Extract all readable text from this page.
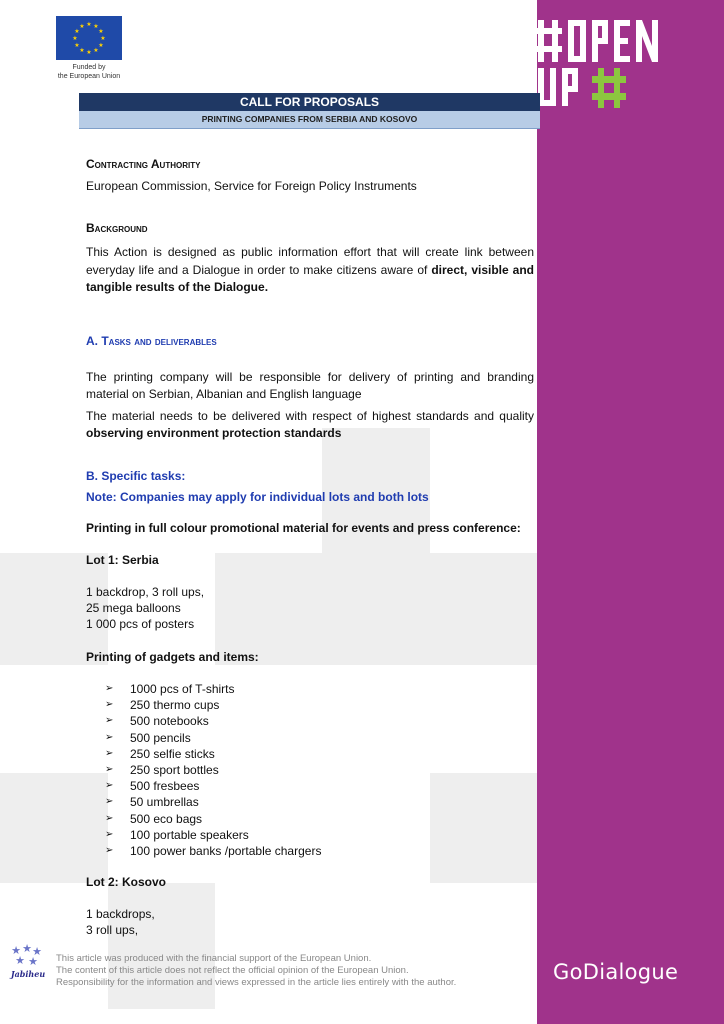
GoDialogue
★ ★
★
★
★
★
★
★
★
★
★
★
Funded by
the European Union
CALL FOR PROPOSALS
PRINTING COMPANIES FROM SERBIA AND KOSOVO
Contracting Authority
European Commission, Service for Foreign Policy Instruments
Background
This Action is designed as public information effort that will create link between everyday life and a Dialogue in order to make citizens aware of direct, visible and tangible results of the Dialogue.
A. Tasks and deliverables
The printing company will be responsible for delivery of printing and branding material on Serbian, Albanian and English language
The material needs to be delivered with respect of highest standards and quality observing environment protection standards
B. Specific tasks:
Note: Companies may apply for individual lots and both lots
Printing in full colour promotional material for events and press conference:
Lot 1: Serbia
1 backdrop, 3 roll ups,
25 mega balloons
1 000 pcs of posters
Printing of gadgets and items:
➢	1000 pcs of T-shirts
➢	250 thermo cups
➢	500 notebooks
➢	500 pencils
➢	250 selfie sticks
➢	250 sport bottles
➢	500 fresbees
➢	50 umbrellas
➢	500 eco bags
➢	100 portable speakers
➢	100 power banks /portable chargers
Lot 2: Kosovo
1 backdrops,
3 roll ups,
★ ★ ★
★ ★
Jabiheu
This article was produced with the financial support of the European Union.
The content of this article does not reflect the official opinion of the European Union.
Responsibility for the information and views expressed in the article lies entirely with the author.
